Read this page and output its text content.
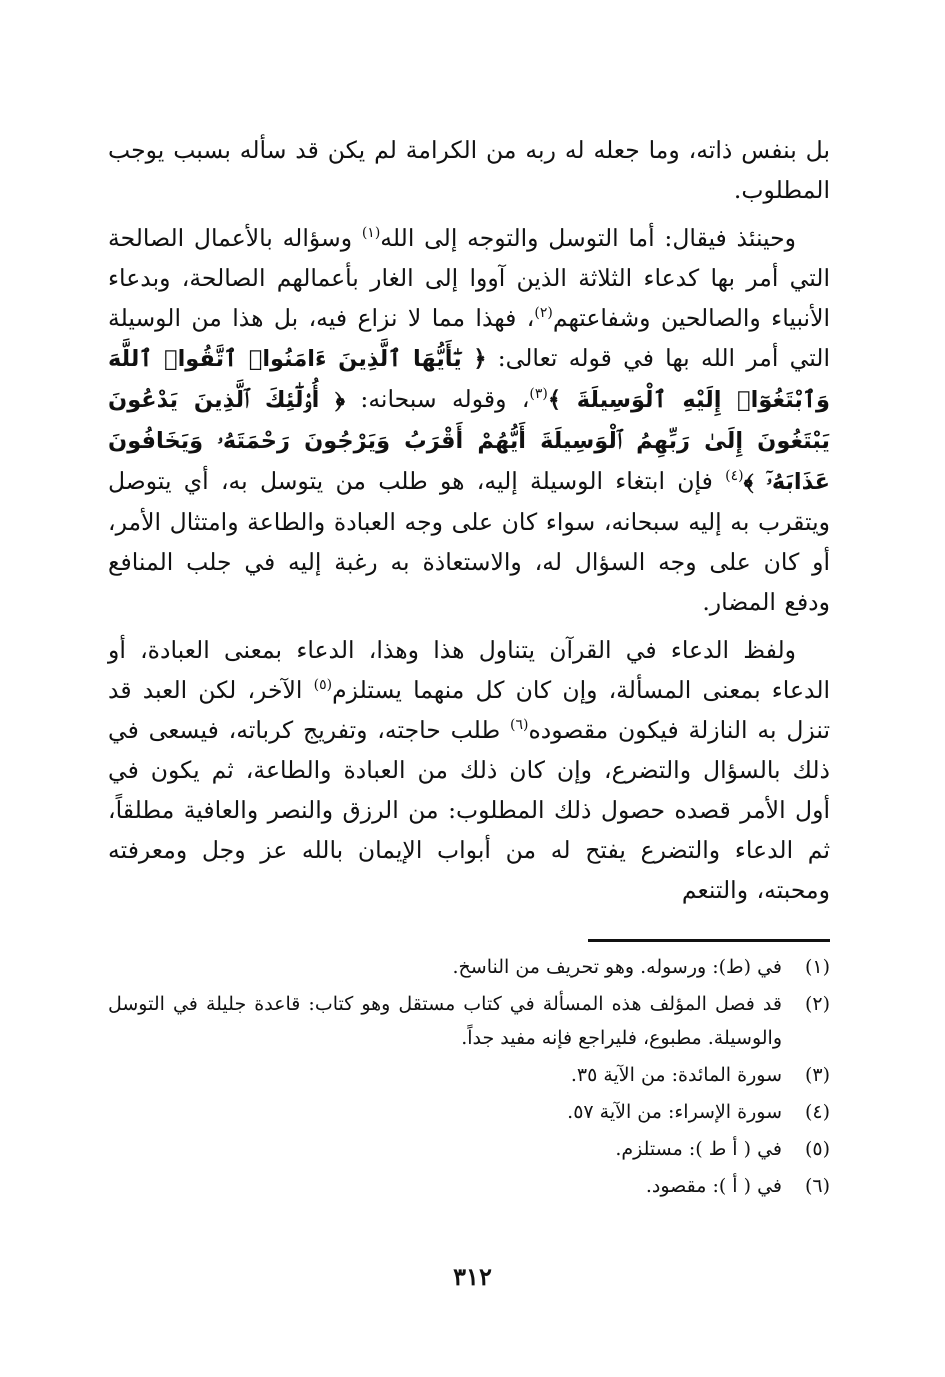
بل بنفس ذاته، وما جعله له ربه من الكرامة لم يكن قد سأله بسبب يوجب المطلوب.

وحينئذ فيقال: أما التوسل والتوجه إلى الله$^{(١)}$ وسؤاله بالأعمال الصالحة التي أمر بها كدعاء الثلاثة الذين آووا إلى الغار بأعمالهم الصالحة، وبدعاء الأنبياء والصالحين وشفاعتهم$^{(٢)}$، فهذا مما لا نزاع فيه، بل هذا من الوسيلة التي أمر الله بها في قوله تعالى: ﴿ يَٰٓأَيُّهَا ٱلَّذِينَ ءَامَنُوا۟ ٱتَّقُوا۟ ٱللَّهَ وَٱبْتَغُوٓا۟ إِلَيْهِ ٱلْوَسِيلَةَ ﴾$^{(٣)}$، وقوله سبحانه: ﴿ أُو۟لَٰٓئِكَ ٱلَّذِينَ يَدْعُونَ يَبْتَغُونَ إِلَىٰ رَبِّهِمُ ٱلْوَسِيلَةَ أَيُّهُمْ أَقْرَبُ وَيَرْجُونَ رَحْمَتَهُۥ وَيَخَافُونَ عَذَابَهُۥٓ ﴾$^{(٤)}$ فإن ابتغاء الوسيلة إليه، هو طلب من يتوسل به، أي يتوصل ويتقرب به إليه سبحانه، سواء كان على وجه العبادة والطاعة وامتثال الأمر، أو كان على وجه السؤال له، والاستعاذة به رغبة إليه في جلب المنافع ودفع المضار.

ولفظ الدعاء في القرآن يتناول هذا وهذا، الدعاء بمعنى العبادة، أو الدعاء بمعنى المسألة، وإن كان كل منهما يستلزم$^{(٥)}$ الآخر، لكن العبد قد تنزل به النازلة فيكون مقصوده$^{(٦)}$ طلب حاجته، وتفريج كرباته، فيسعى في ذلك بالسؤال والتضرع، وإن كان ذلك من العبادة والطاعة، ثم يكون في أول الأمر قصده حصول ذلك المطلوب: من الرزق والنصر والعافية مطلقاً، ثم الدعاء والتضرع يفتح له من أبواب الإيمان بالله عز وجل ومعرفته ومحبته، والتنعم

(١)
في (ط): ورسوله. وهو تحريف من الناسخ.

(٢)
قد فصل المؤلف هذه المسألة في كتاب مستقل وهو كتاب: قاعدة جليلة في التوسل والوسيلة. مطبوع، فليراجع فإنه مفيد جداً.

(٣)
سورة المائدة: من الآية ٣٥.

(٤)
سورة الإسراء: من الآية ٥٧.

(٥)
في ( أ ط ): مستلزم.

(٦)
في ( أ ): مقصود.

٣١٢
